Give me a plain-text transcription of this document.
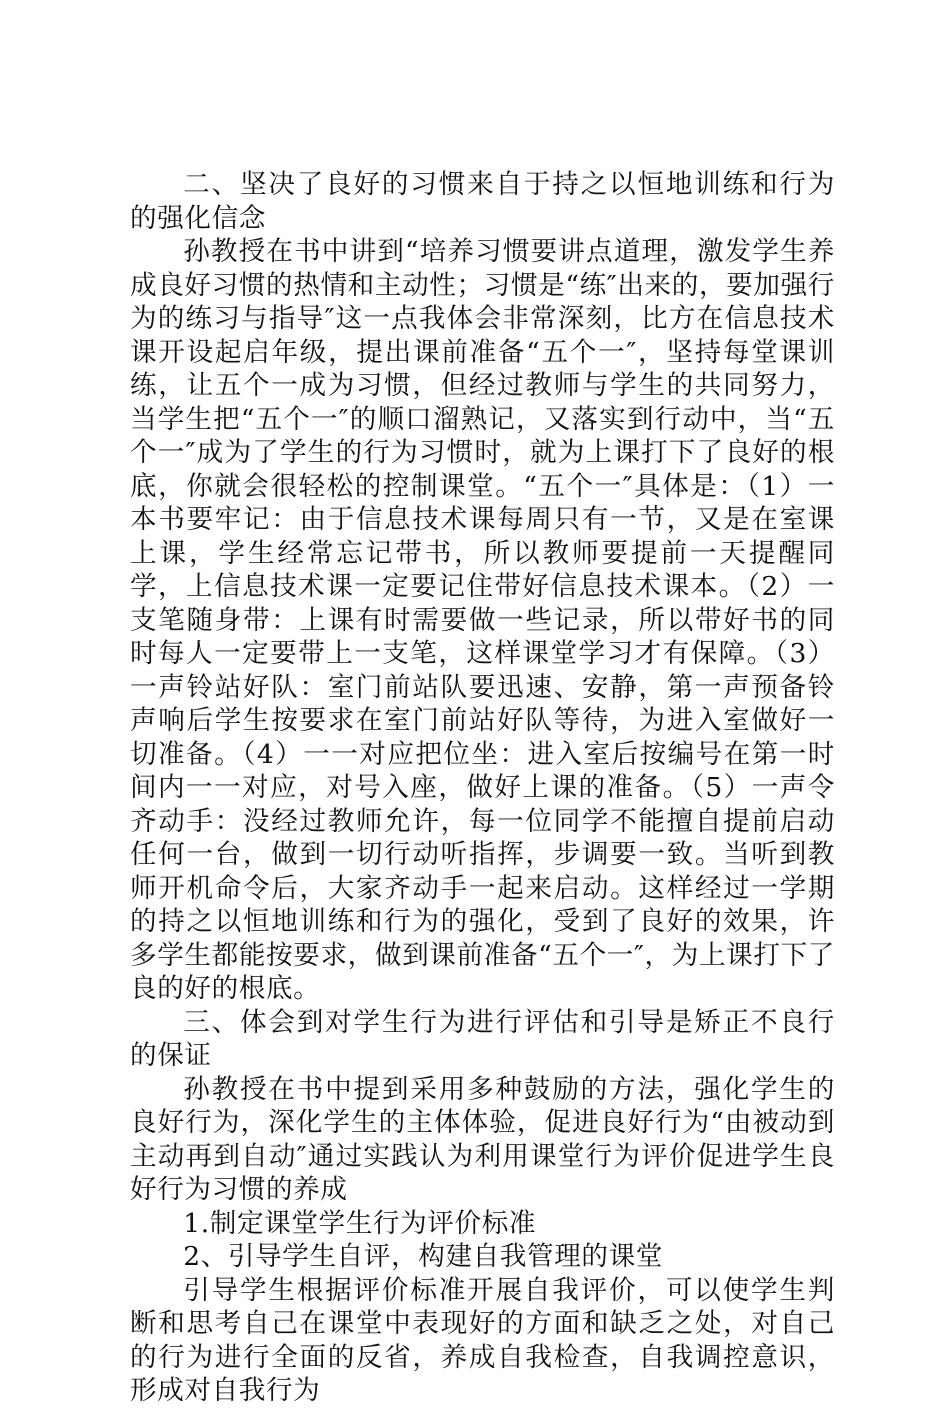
二、坚决了良好的习惯来自于持之以恒地训练和行为的强化信念

孙教授在书中讲到“培养习惯要讲点道理，激发学生养成良好习惯的热情和主动性；习惯是“练″出来的，要加强行为的练习与指导″这一点我体会非常深刻，比方在信息技术课开设起启年级，提出课前准备“五个一″，坚持每堂课训练，让五个一成为习惯，但经过教师与学生的共同努力，当学生把“五个一″的顺口溜熟记，又落实到行动中，当“五个一″成为了学生的行为习惯时，就为上课打下了良好的根底，你就会很轻松的控制课堂。“五个一″具体是：（1）一本书要牢记：由于信息技术课每周只有一节，又是在室课上课，学生经常忘记带书，所以教师要提前一天提醒同学，上信息技术课一定要记住带好信息技术课本。（2）一支笔随身带：上课有时需要做一些记录，所以带好书的同时每人一定要带上一支笔，这样课堂学习才有保障。（3）一声铃站好队：室门前站队要迅速、安静，第一声预备铃声响后学生按要求在室门前站好队等待，为进入室做好一切准备。（4）一一对应把位坐：进入室后按编号在第一时间内一一对应，对号入座，做好上课的准备。（5）一声令齐动手：没经过教师允许，每一位同学不能擅自提前启动任何一台，做到一切行动听指挥，步调要一致。当听到教师开机命令后，大家齐动手一起来启动。这样经过一学期的持之以恒地训练和行为的强化，受到了良好的效果，许多学生都能按要求，做到课前准备“五个一″，为上课打下了良的好的根底。

三、体会到对学生行为进行评估和引导是矫正不良行的保证

孙教授在书中提到采用多种鼓励的方法，强化学生的良好行为，深化学生的主体体验，促进良好行为“由被动到主动再到自动″通过实践认为利用课堂行为评价促进学生良好行为习惯的养成

1.制定课堂学生行为评价标准

2、引导学生自评，构建自我管理的课堂

引导学生根据评价标准开展自我评价，可以使学生判断和思考自己在课堂中表现好的方面和缺乏之处，对自己的行为进行全面的反省，养成自我检查，自我调控意识，形成对自我行为
